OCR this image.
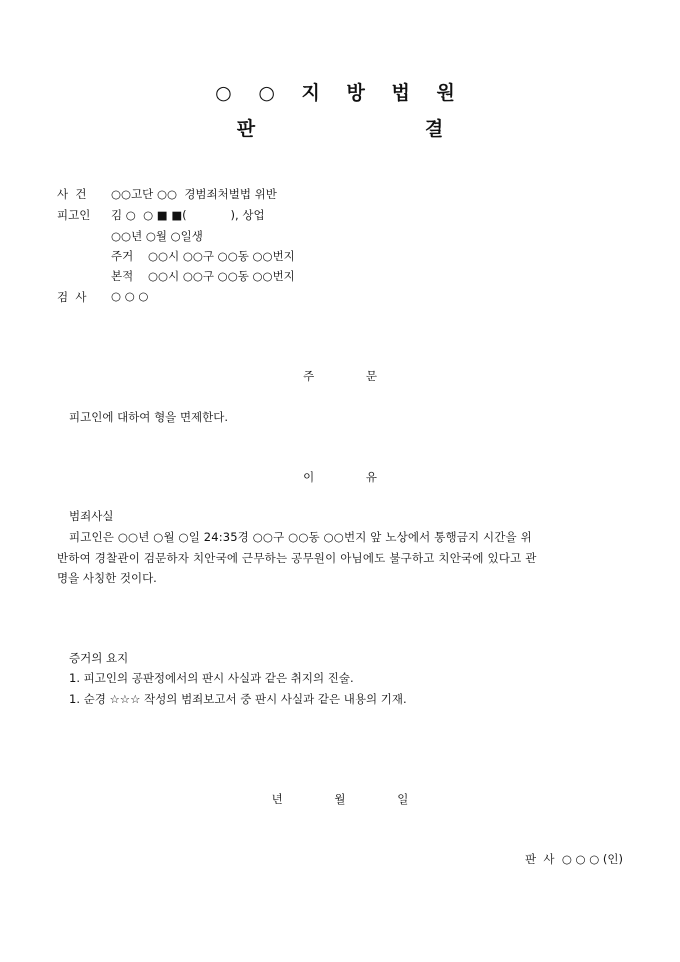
○ ○ 지 방 법 원
판   결
사  건 ○○고단 ○○  경범죄처벌법 위반
피고인 김 ○  ○ ■ ■(            ), 상업
○○년 ○월 ○일생
주거 ○○시 ○○구 ○○동 ○○번지
본적 ○○시 ○○구 ○○동 ○○번지
검  사 ○ ○ ○
주 문
피고인에 대하여 형을 면제한다.
이 유
범죄사실
피고인은 ○○년 ○월 ○일 24:35경 ○○구 ○○동 ○○번지 앞 노상에서 통행금지 시간을 위
반하여 경찰관이 검문하자 치안국에 근무하는 공무원이 아님에도 불구하고 치안국에 있다고 관
명을 사칭한 것이다.
증거의 요지
1. 피고인의 공판정에서의 판시 사실과 같은 취지의 진술.
1. 순경 ☆☆☆ 작성의 범죄보고서 중 판시 사실과 같은 내용의 기재.
년 월 일
판  사  ○ ○ ○ (인)
